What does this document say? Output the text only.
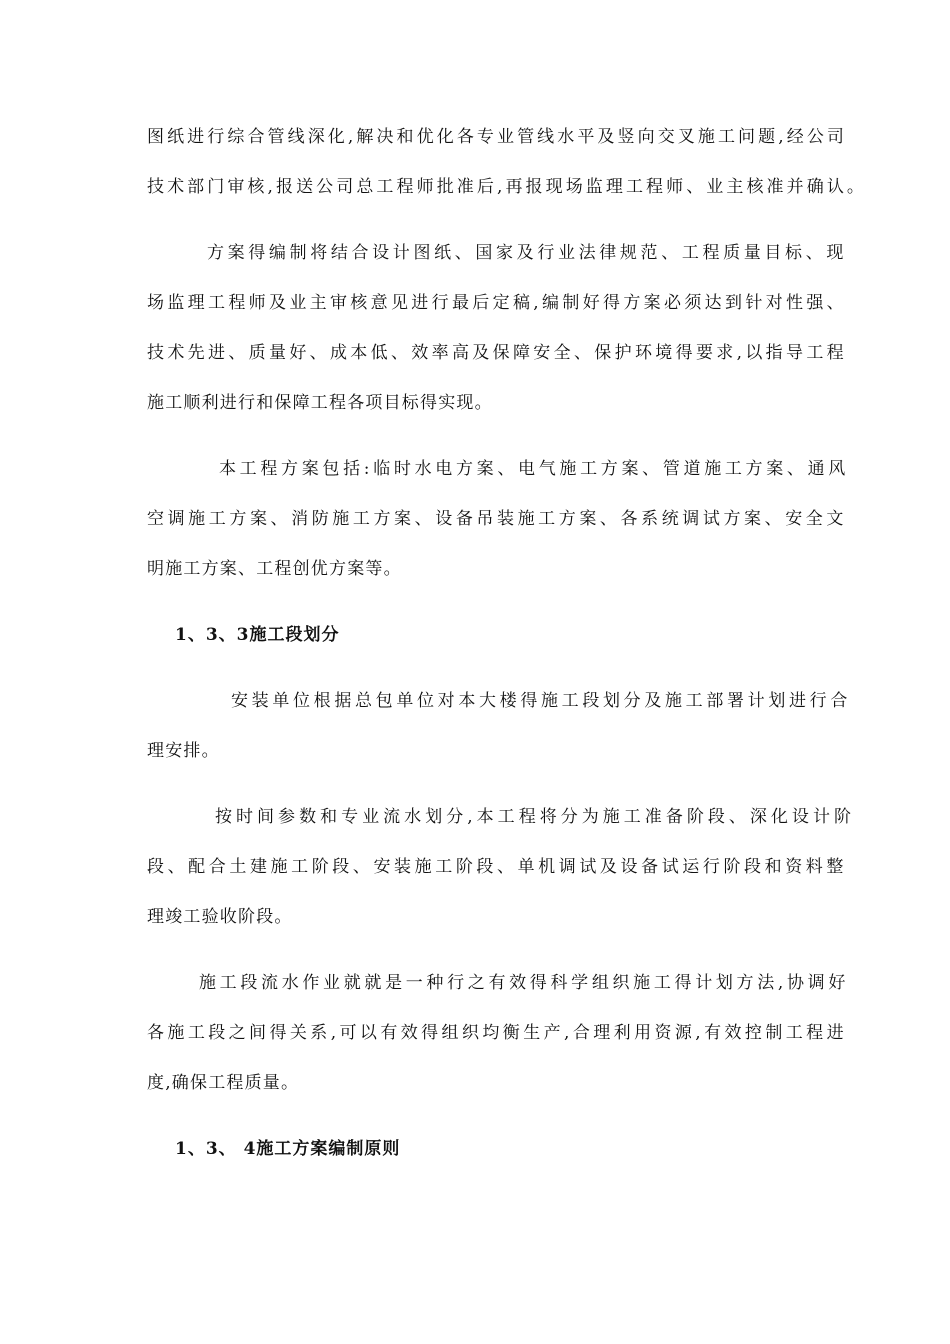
图纸进行综合管线深化,解决和优化各专业管线水平及竖向交叉施工问题,经公司
技术部门审核,报送公司总工程师批准后,再报现场监理工程师、业主核准并确认。
方案得编制将结合设计图纸、国家及行业法律规范、工程质量目标、现
场监理工程师及业主审核意见进行最后定稿,编制好得方案必须达到针对性强、
技术先进、质量好、成本低、效率高及保障安全、保护环境得要求,以指导工程
施工顺利进行和保障工程各项目标得实现。
本工程方案包括:临时水电方案、电气施工方案、管道施工方案、通风
空调施工方案、消防施工方案、设备吊装施工方案、各系统调试方案、安全文
明施工方案、工程创优方案等。
1、3、3施工段划分
安装单位根据总包单位对本大楼得施工段划分及施工部署计划进行合
理安排。
按时间参数和专业流水划分,本工程将分为施工准备阶段、深化设计阶
段、配合土建施工阶段、安装施工阶段、单机调试及设备试运行阶段和资料整
理竣工验收阶段。
施工段流水作业就就是一种行之有效得科学组织施工得计划方法,协调好
各施工段之间得关系,可以有效得组织均衡生产,合理利用资源,有效控制工程进
度,确保工程质量。
1、3、 4施工方案编制原则
